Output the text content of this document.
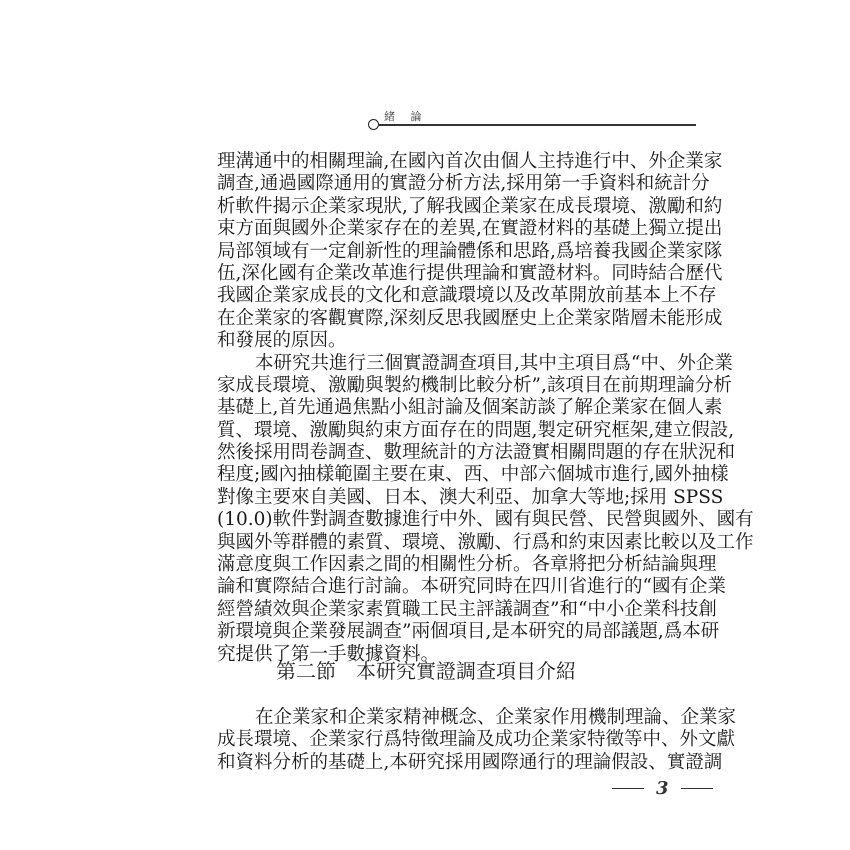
緒 論
理溝通中的相關理論,在國內首次由個人主持進行中、外企業家
調查,通過國際通用的實證分析方法,採用第一手資料和統計分
析軟件揭示企業家現狀,了解我國企業家在成長環境、激勵和約
束方面與國外企業家存在的差異,在實證材料的基礎上獨立提出
局部領域有一定創新性的理論體係和思路,爲培養我國企業家隊
伍,深化國有企業改革進行提供理論和實證材料。同時結合歷代
我國企業家成長的文化和意識環境以及改革開放前基本上不存
在企業家的客觀實際,深刻反思我國歷史上企業家階層未能形成
和發展的原因。
本研究共進行三個實證調查項目,其中主項目爲“中、外企業
家成長環境、激勵與製約機制比較分析”,該項目在前期理論分析
基礎上,首先通過焦點小組討論及個案訪談了解企業家在個人素
質、環境、激勵與約束方面存在的問題,製定研究框架,建立假設,
然後採用問卷調查、數理統計的方法證實相關問題的存在狀況和
程度;國內抽樣範圍主要在東、西、中部六個城市進行,國外抽樣
對像主要來自美國、日本、澳大利亞、加拿大等地;採用 SPSS
(10.0)軟件對調查數據進行中外、國有與民營、民營與國外、國有
與國外等群體的素質、環境、激勵、行爲和約束因素比較以及工作
滿意度與工作因素之間的相關性分析。各章將把分析結論與理
論和實際結合進行討論。本研究同時在四川省進行的“國有企業
經營績效與企業家素質職工民主評議調查”和“中小企業科技創
新環境與企業發展調查”兩個項目,是本研究的局部議題,爲本研
究提供了第一手數據資料。
第二節　本研究實證調查項目介紹
在企業家和企業家精神概念、企業家作用機制理論、企業家
成長環境、企業家行爲特徵理論及成功企業家特徵等中、外文獻
和資料分析的基礎上,本研究採用國際通行的理論假設、實證調
3
